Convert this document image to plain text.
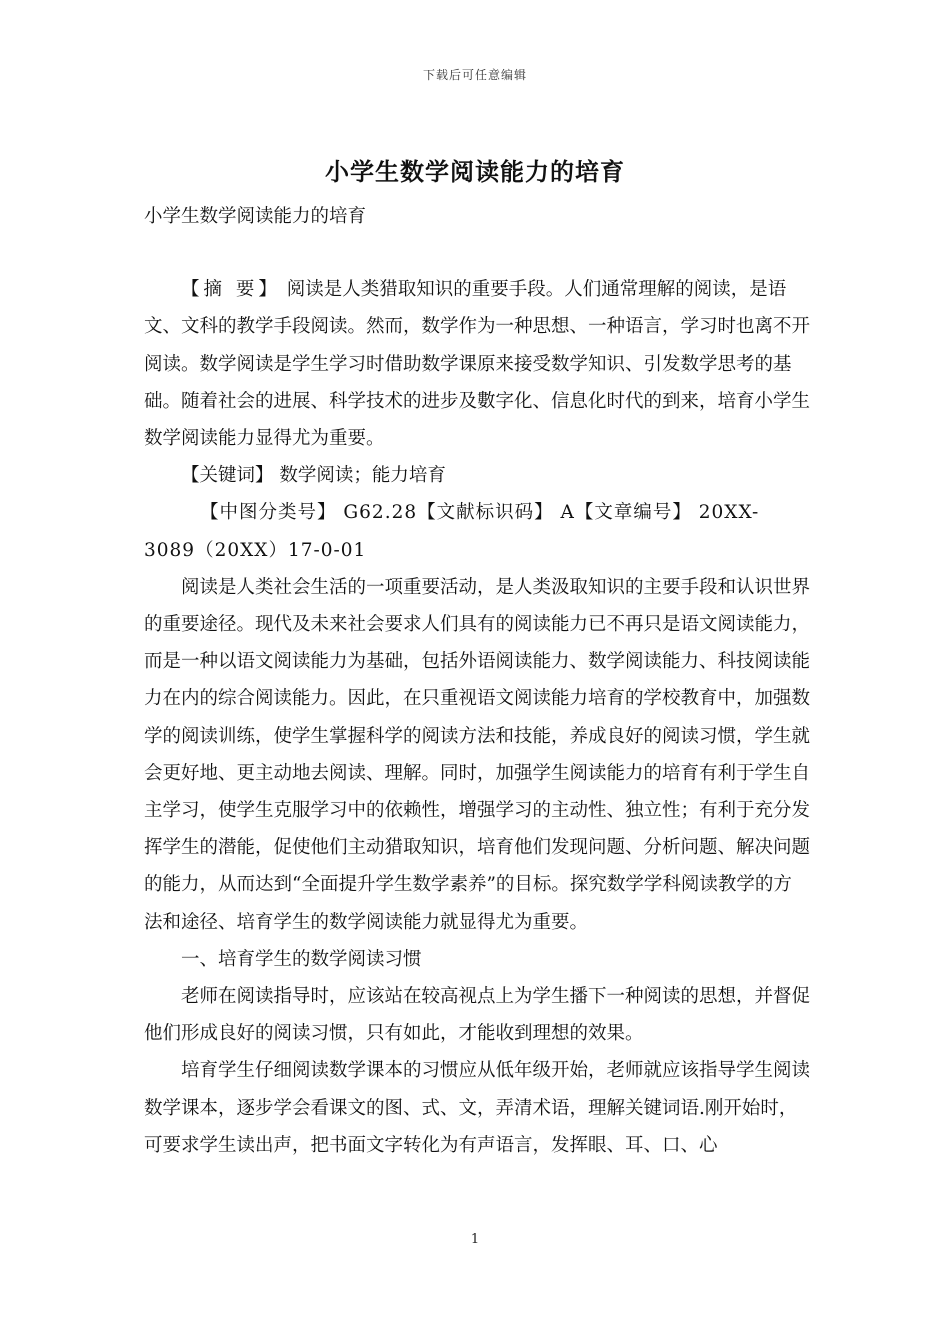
下载后可任意编辑
小学生数学阅读能力的培育

小学生数学阅读能力的培育

【摘 要】 阅读是人类猎取知识的重要手段。人们通常理解的阅读，是语文、文科的教学手段阅读。然而，数学作为一种思想、一种语言，学习时也离不开阅读。数学阅读是学生学习时借助数学课原来接受数学知识、引发数学思考的基础。随着社会的进展、科学技术的进步及數字化、信息化时代的到来，培育小学生数学阅读能力显得尤为重要。

【关键词】 数学阅读；能力培育

【中图分类号】 G62.28【文献标识码】 A【文章编号】 20XX-3089（20XX）17-0-01

阅读是人类社会生活的一项重要活动，是人类汲取知识的主要手段和认识世界的重要途径。现代及未来社会要求人们具有的阅读能力已不再只是语文阅读能力，而是一种以语文阅读能力为基础，包括外语阅读能力、数学阅读能力、科技阅读能力在内的综合阅读能力。因此，在只重视语文阅读能力培育的学校教育中，加强数学的阅读训练，使学生掌握科学的阅读方法和技能，养成良好的阅读习惯，学生就会更好地、更主动地去阅读、理解。同时，加强学生阅读能力的培育有利于学生自主学习，使学生克服学习中的依赖性，增强学习的主动性、独立性；有利于充分发挥学生的潜能，促使他们主动猎取知识，培育他们发现问题、分析问题、解决问题的能力，从而达到“全面提升学生数学素养”的目标。探究数学学科阅读教学的方法和途径、培育学生的数学阅读能力就显得尤为重要。

一、培育学生的数学阅读习惯

老师在阅读指导时，应该站在较高视点上为学生播下一种阅读的思想，并督促他们形成良好的阅读习惯，只有如此，才能收到理想的效果。

培育学生仔细阅读数学课本的习惯应从低年级开始，老师就应该指导学生阅读数学课本，逐步学会看课文的图、式、文，弄清术语，理解关键词语.刚开始时，可要求学生读出声，把书面文字转化为有声语言，发挥眼、耳、口、心

1
